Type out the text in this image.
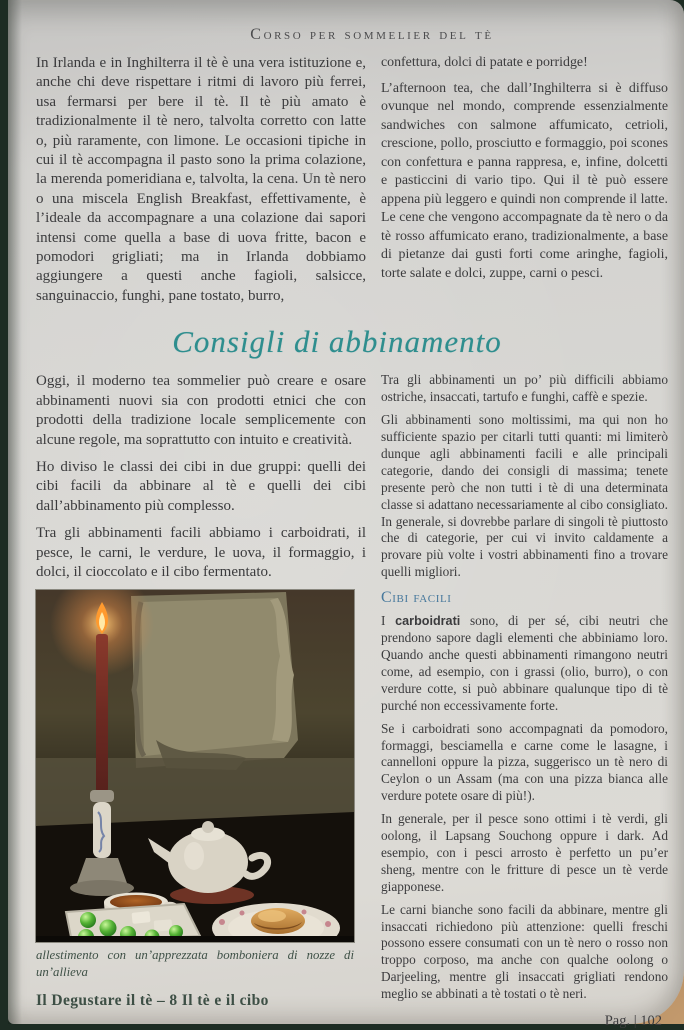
Corso per sommelier del tè

In Irlanda e in Inghilterra il tè è una vera istituzione e, anche chi deve rispettare i ritmi di lavoro più ferrei, usa fermarsi per bere il tè. Il tè più amato è tradizionalmente il tè nero, talvolta corretto con latte o, più raramente, con limone. Le occasioni tipiche in cui il tè accompagna il pasto sono la prima colazione, la merenda pomeridiana e, talvolta, la cena. Un tè nero o una miscela English Breakfast, effettivamente, è l’ideale da accompagnare a una colazione dai sapori intensi come quella a base di uova fritte, bacon e pomodori grigliati; ma in Irlanda dobbiamo aggiungere a questi anche fagioli, salsicce, sanguinaccio, funghi, pane tostato, burro,

confettura, dolci di patate e porridge!

L’afternoon tea, che dall’Inghilterra si è diffuso ovunque nel mondo, comprende essenzialmente sandwiches con salmone affumicato, cetrioli, crescione, pollo, prosciutto e formaggio, poi scones con confettura e panna rappresa, e, infine, dolcetti e pasticcini di vario tipo. Qui il tè può essere appena più leggero e quindi non comprende il latte. Le cene che vengono accompagnate da tè nero o da tè rosso affumicato erano, tradizionalmente, a base di pietanze dai gusti forti come aringhe, fagioli, torte salate e dolci, zuppe, carni o pesci.

Consigli di abbinamento

Oggi, il moderno tea sommelier può creare e osare abbinamenti nuovi sia con prodotti etnici che con prodotti della tradizione locale semplicemente con alcune regole, ma soprattutto con intuito e creatività.

Ho diviso le classi dei cibi in due gruppi: quelli dei cibi facili da abbinare al tè e quelli dei cibi dall’abbinamento più complesso.

Tra gli abbinamenti facili abbiamo i carboidrati, il pesce, le carni, le verdure, le uova, il formaggio, i dolci, il cioccolato e il cibo fermentato.

allestimento con un’apprezzata bomboniera di nozze di un’allieva
Il Degustare il tè – 8 Il tè e il cibo

Tra gli abbinamenti un po’ più difficili abbiamo ostriche, insaccati, tartufo e funghi, caffè e spezie.

Gli abbinamenti sono moltissimi, ma qui non ho sufficiente spazio per citarli tutti quanti: mi limiterò dunque agli abbinamenti facili e alle principali categorie, dando dei consigli di massima; tenete presente però che non tutti i tè di una determinata classe si adattano necessariamente al cibo consigliato. In generale, si dovrebbe parlare di singoli tè piuttosto che di categorie, per cui vi invito caldamente a provare più volte i vostri abbinamenti fino a trovare quelli migliori.

Cibi facili

I carboidrati sono, di per sé, cibi neutri che prendono sapore dagli elementi che abbiniamo loro. Quando anche questi abbinamenti rimangono neutri come, ad esempio, con i grassi (olio, burro), o con verdure cotte, si può abbinare qualunque tipo di tè purché non eccessivamente forte.

Se i carboidrati sono accompagnati da pomodoro, formaggi, besciamella e carne come le lasagne, i cannelloni oppure la pizza, suggerisco un tè nero di Ceylon o un Assam (ma con una pizza bianca alle verdure potete osare di più!).

In generale, per il pesce sono ottimi i tè verdi, gli oolong, il Lapsang Souchong oppure i dark. Ad esempio, con i pesci arrosto è perfetto un pu’er sheng, mentre con le fritture di pesce un tè verde giapponese.

Le carni bianche sono facili da abbinare, mentre gli insaccati richiedono più attenzione: quelli freschi possono essere consumati con un tè nero o rosso non troppo corposo, ma anche con qualche oolong o Darjeeling, mentre gli insaccati grigliati rendono meglio se abbinati a tè tostati o tè neri.

Pag. | 102
